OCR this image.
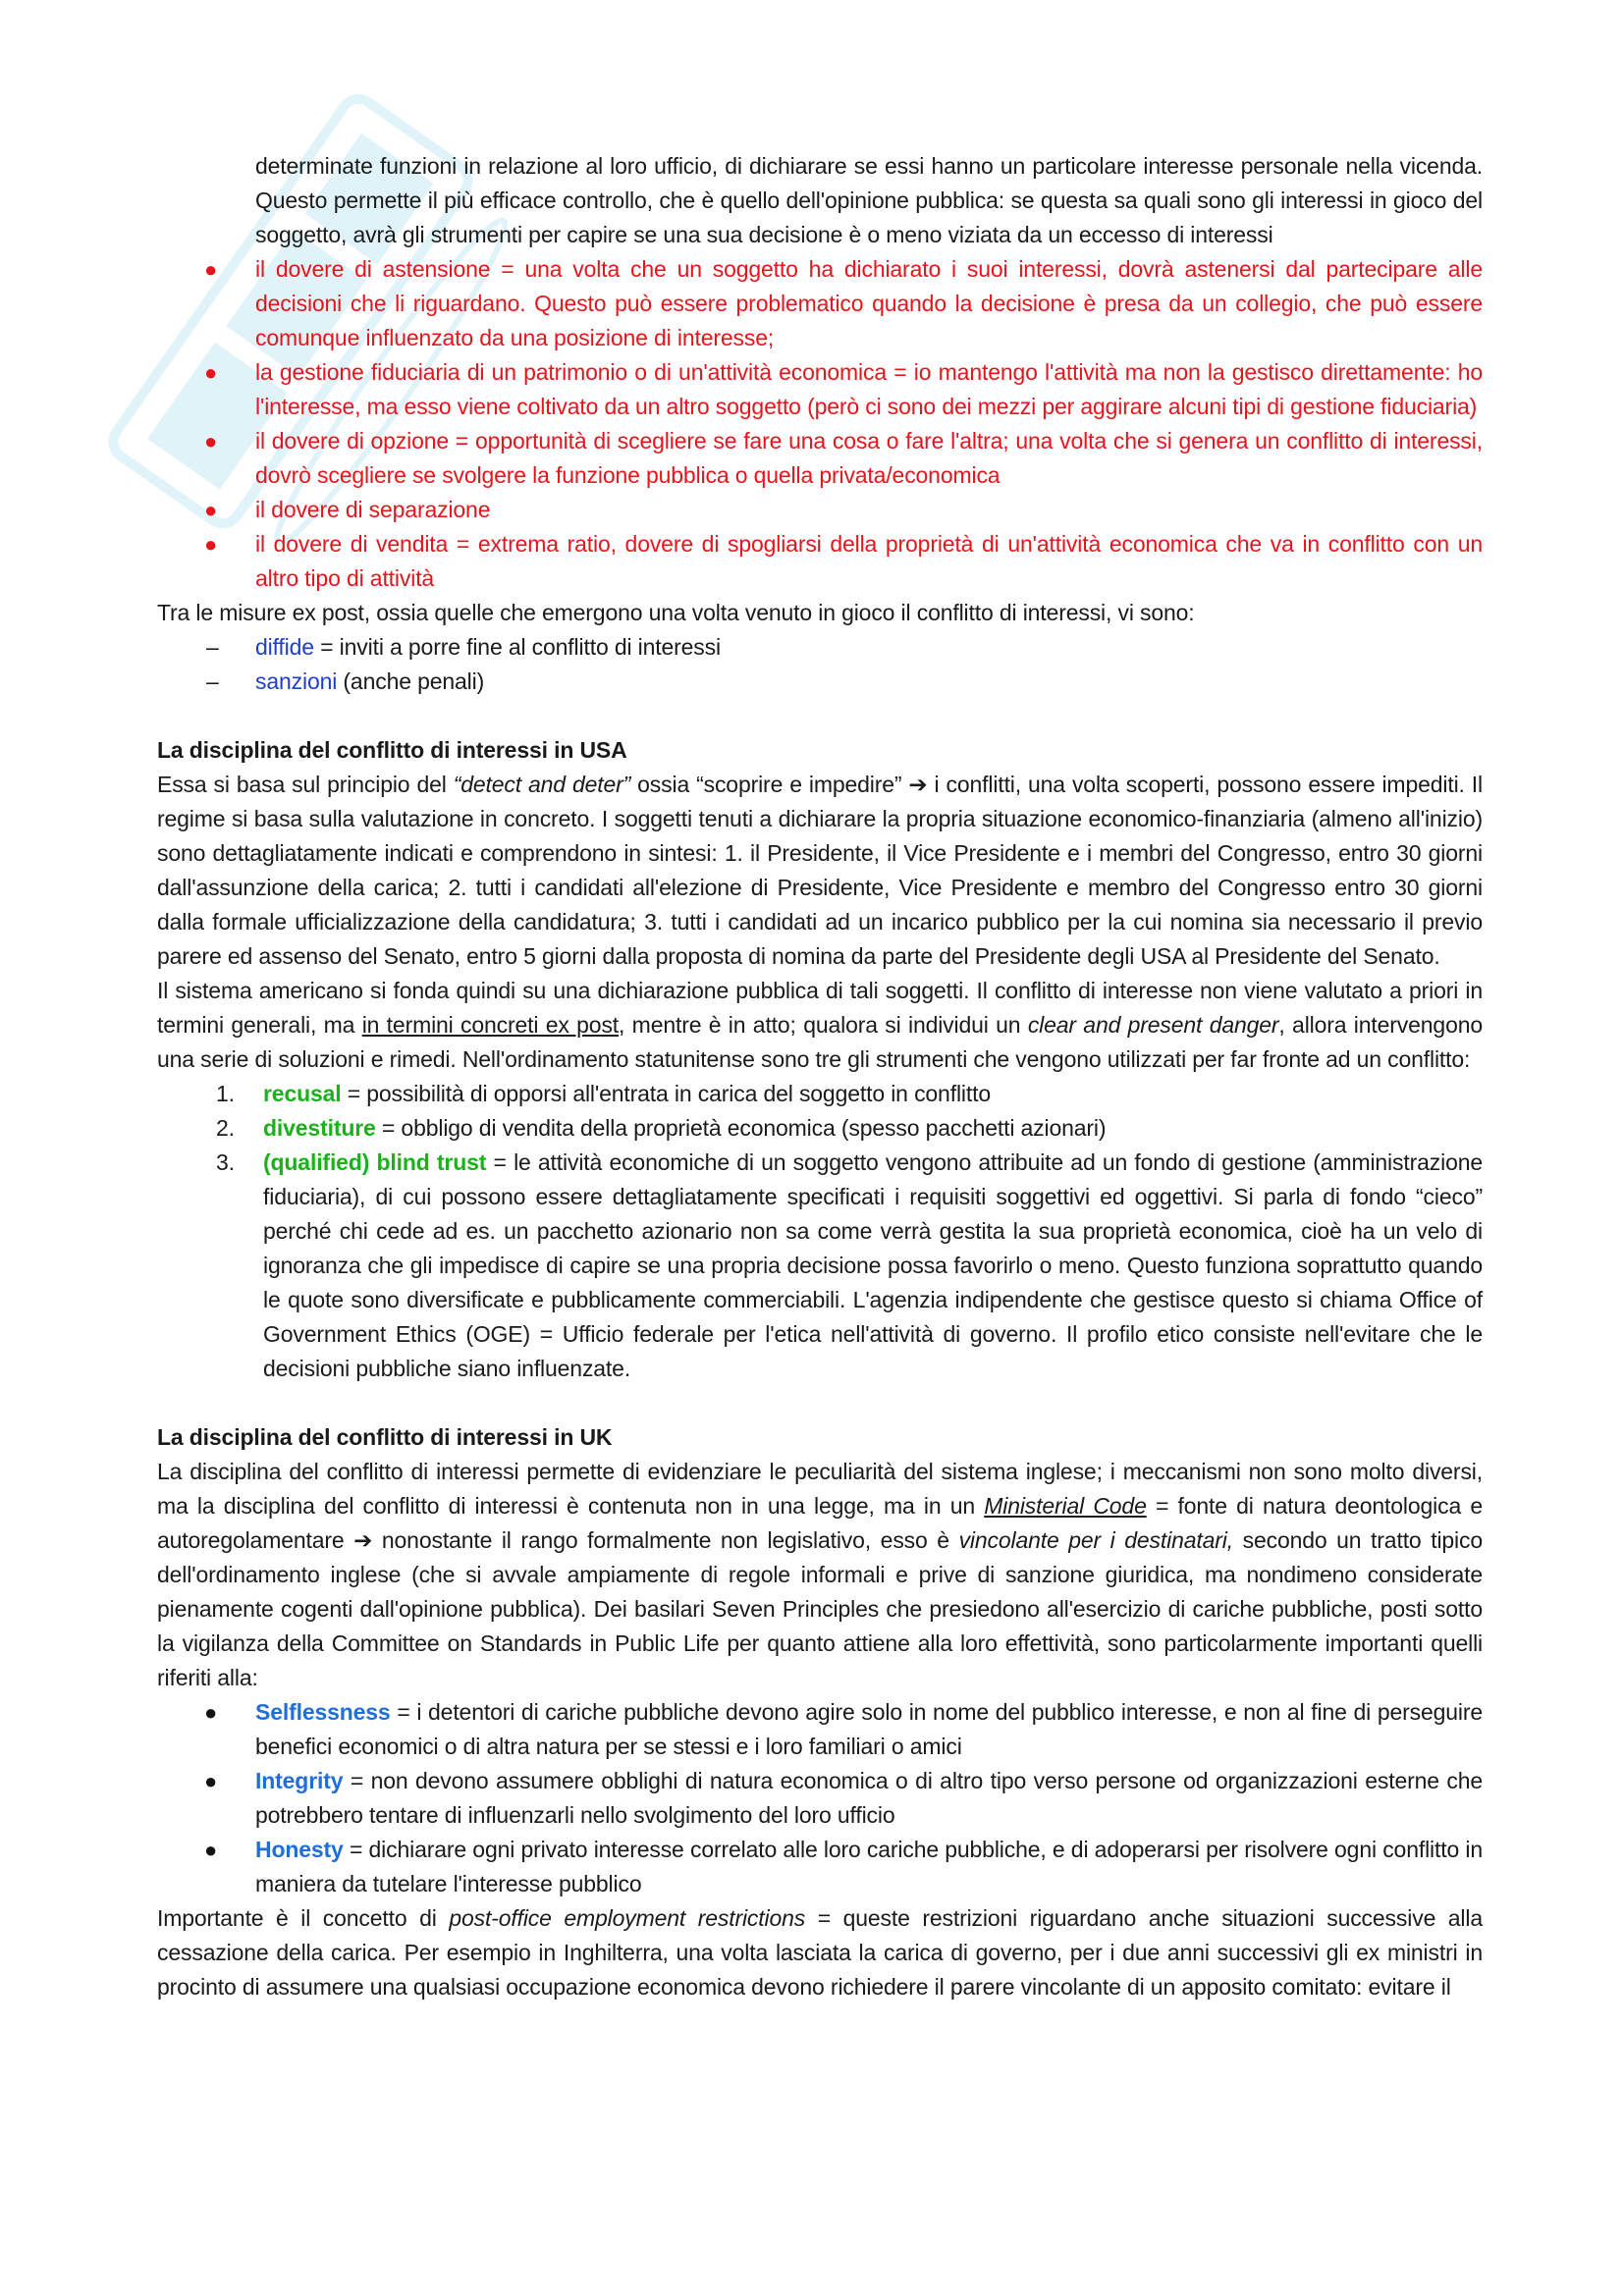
determinate funzioni in relazione al loro ufficio, di dichiarare se essi hanno un particolare interesse personale nella vicenda. Questo permette il più efficace controllo, che è quello dell'opinione pubblica: se questa sa quali sono gli interessi in gioco del soggetto, avrà gli strumenti per capire se una sua decisione è o meno viziata da un eccesso di interessi

● il dovere di astensione = una volta che un soggetto ha dichiarato i suoi interessi, dovrà astenersi dal partecipare alle decisioni che li riguardano. Questo può essere problematico quando la decisione è presa da un collegio, che può essere comunque influenzato da una posizione di interesse;
● la gestione fiduciaria di un patrimonio o di un'attività economica = io mantengo l'attività ma non la gestisco direttamente: ho l'interesse, ma esso viene coltivato da un altro soggetto (però ci sono dei mezzi per aggirare alcuni tipi di gestione fiduciaria)
● il dovere di opzione = opportunità di scegliere se fare una cosa o fare l'altra; una volta che si genera un conflitto di interessi, dovrò scegliere se svolgere la funzione pubblica o quella privata/economica
● il dovere di separazione
● il dovere di vendita = extrema ratio, dovere di spogliarsi della proprietà di un'attività economica che va in conflitto con un altro tipo di attività

Tra le misure ex post, ossia quelle che emergono una volta venuto in gioco il conflitto di interessi, vi sono:

– diffide = inviti a porre fine al conflitto di interessi
– sanzioni (anche penali)
La disciplina del conflitto di interessi in USA

Essa si basa sul principio del “detect and deter” ossia “scoprire e impedire” ➔ i conflitti, una volta scoperti, possono essere impediti. Il regime si basa sulla valutazione in concreto. I soggetti tenuti a dichiarare la propria situazione economico-finanziaria (almeno all'inizio) sono dettagliatamente indicati e comprendono in sintesi: 1. il Presidente, il Vice Presidente e i membri del Congresso, entro 30 giorni dall'assunzione della carica; 2. tutti i candidati all'elezione di Presidente, Vice Presidente e membro del Congresso entro 30 giorni dalla formale ufficializzazione della candidatura; 3. tutti i candidati ad un incarico pubblico per la cui nomina sia necessario il previo parere ed assenso del Senato, entro 5 giorni dalla proposta di nomina da parte del Presidente degli USA al Presidente del Senato.

Il sistema americano si fonda quindi su una dichiarazione pubblica di tali soggetti. Il conflitto di interesse non viene valutato a priori in termini generali, ma in termini concreti ex post, mentre è in atto; qualora si individui un clear and present danger, allora intervengono una serie di soluzioni e rimedi. Nell'ordinamento statunitense sono tre gli strumenti che vengono utilizzati per far fronte ad un conflitto:

1. recusal = possibilità di opporsi all'entrata in carica del soggetto in conflitto
2. divestiture = obbligo di vendita della proprietà economica (spesso pacchetti azionari)
3. (qualified) blind trust = le attività economiche di un soggetto vengono attribuite ad un fondo di gestione (amministrazione fiduciaria), di cui possono essere dettagliatamente specificati i requisiti soggettivi ed oggettivi. Si parla di fondo “cieco” perché chi cede ad es. un pacchetto azionario non sa come verrà gestita la sua proprietà economica, cioè ha un velo di ignoranza che gli impedisce di capire se una propria decisione possa favorirlo o meno. Questo funziona soprattutto quando le quote sono diversificate e pubblicamente commerciabili. L'agenzia indipendente che gestisce questo si chiama Office of Government Ethics (OGE) = Ufficio federale per l'etica nell'attività di governo. Il profilo etico consiste nell'evitare che le decisioni pubbliche siano influenzate.
La disciplina del conflitto di interessi in UK

La disciplina del conflitto di interessi permette di evidenziare le peculiarità del sistema inglese; i meccanismi non sono molto diversi, ma la disciplina del conflitto di interessi è contenuta non in una legge, ma in un Ministerial Code = fonte di natura deontologica e autoregolamentare ➔ nonostante il rango formalmente non legislativo, esso è vincolante per i destinatari, secondo un tratto tipico dell'ordinamento inglese (che si avvale ampiamente di regole informali e prive di sanzione giuridica, ma nondimeno considerate pienamente cogenti dall'opinione pubblica). Dei basilari Seven Principles che presiedono all'esercizio di cariche pubbliche, posti sotto la vigilanza della Committee on Standards in Public Life per quanto attiene alla loro effettività, sono particolarmente importanti quelli riferiti alla:

● Selflessness = i detentori di cariche pubbliche devono agire solo in nome del pubblico interesse, e non al fine di perseguire benefici economici o di altra natura per se stessi e i loro familiari o amici
● Integrity = non devono assumere obblighi di natura economica o di altro tipo verso persone od organizzazioni esterne che potrebbero tentare di influenzarli nello svolgimento del loro ufficio
● Honesty = dichiarare ogni privato interesse correlato alle loro cariche pubbliche, e di adoperarsi per risolvere ogni conflitto in maniera da tutelare l'interesse pubblico

Importante è il concetto di post-office employment restrictions = queste restrizioni riguardano anche situazioni successive alla cessazione della carica. Per esempio in Inghilterra, una volta lasciata la carica di governo, per i due anni successivi gli ex ministri in procinto di assumere una qualsiasi occupazione economica devono richiedere il parere vincolante di un apposito comitato: evitare il
